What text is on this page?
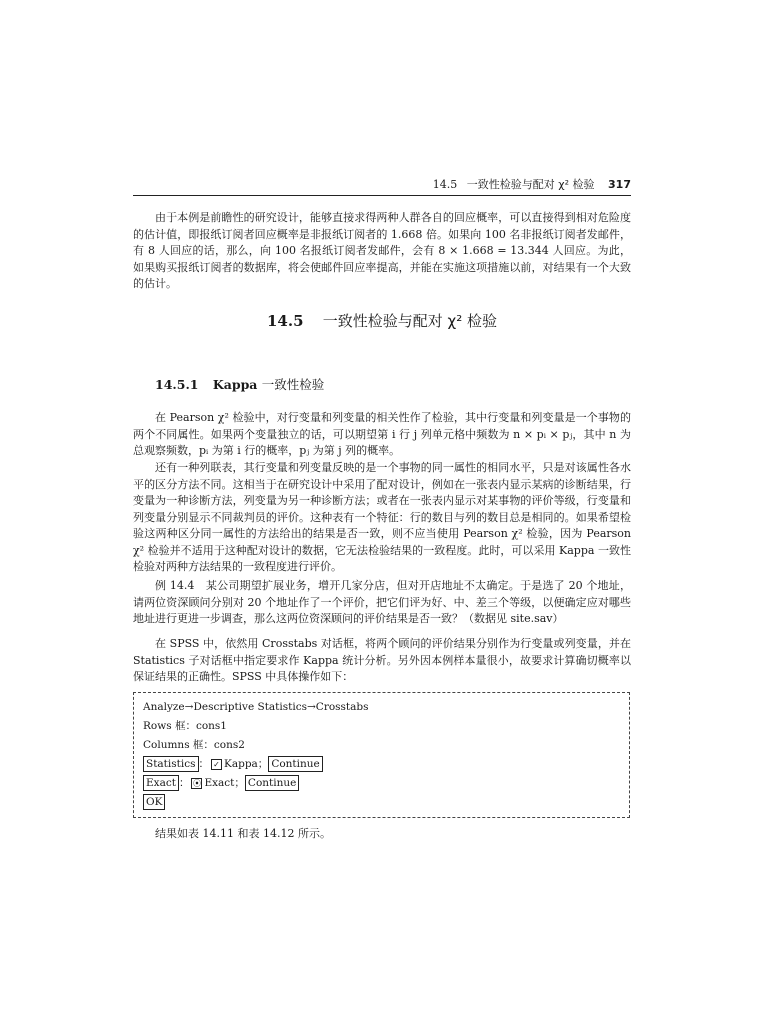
14.5 一致性检验与配对 χ² 检验 317

由于本例是前瞻性的研究设计，能够直接求得两种人群各自的回应概率，可以直接得到相对危险度的估计值，即报纸订阅者回应概率是非报纸订阅者的 1.668 倍。如果向 100 名非报纸订阅者发邮件，有 8 人回应的话，那么，向 100 名报纸订阅者发邮件，会有 8 × 1.668 = 13.344 人回应。为此，如果购买报纸订阅者的数据库，将会使邮件回应率提高，并能在实施这项措施以前，对结果有一个大致的估计。

14.5 一致性检验与配对 χ² 检验
14.5.1 Kappa 一致性检验

在 Pearson χ² 检验中，对行变量和列变量的相关性作了检验，其中行变量和列变量是一个事物的两个不同属性。如果两个变量独立的话，可以期望第 i 行 j 列单元格中频数为 n × pᵢ × pⱼ，其中 n 为总观察频数，pᵢ 为第 i 行的概率，pⱼ 为第 j 列的概率。

还有一种列联表，其行变量和列变量反映的是一个事物的同一属性的相同水平，只是对该属性各水平的区分方法不同。这相当于在研究设计中采用了配对设计，例如在一张表内显示某病的诊断结果，行变量为一种诊断方法，列变量为另一种诊断方法；或者在一张表内显示对某事物的评价等级，行变量和列变量分别显示不同裁判员的评价。这种表有一个特征：行的数目与列的数目总是相同的。如果希望检验这两种区分同一属性的方法给出的结果是否一致，则不应当使用 Pearson χ² 检验，因为 Pearson χ² 检验并不适用于这种配对设计的数据，它无法检验结果的一致程度。此时，可以采用 Kappa 一致性检验对两种方法结果的一致程度进行评价。

例 14.4　某公司期望扩展业务，增开几家分店，但对开店地址不太确定。于是选了 20 个地址，请两位资深顾问分别对 20 个地址作了一个评价，把它们评为好、中、差三个等级，以便确定应对哪些地址进行更进一步调查，那么这两位资深顾问的评价结果是否一致？（数据见 site.sav）

在 SPSS 中，依然用 Crosstabs 对话框，将两个顾问的评价结果分别作为行变量或列变量，并在 Statistics 子对话框中指定要求作 Kappa 统计分析。另外因本例样本量很小，故要求计算确切概率以保证结果的正确性。SPSS 中具体操作如下：

Analyze→Descriptive Statistics→Crosstabs
Rows 框：cons1
Columns 框：cons2
Statistics ： ✓ Kappa； Continue
Exact ： ⦿ Exact； Continue
OK

结果如表 14.11 和表 14.12 所示。
